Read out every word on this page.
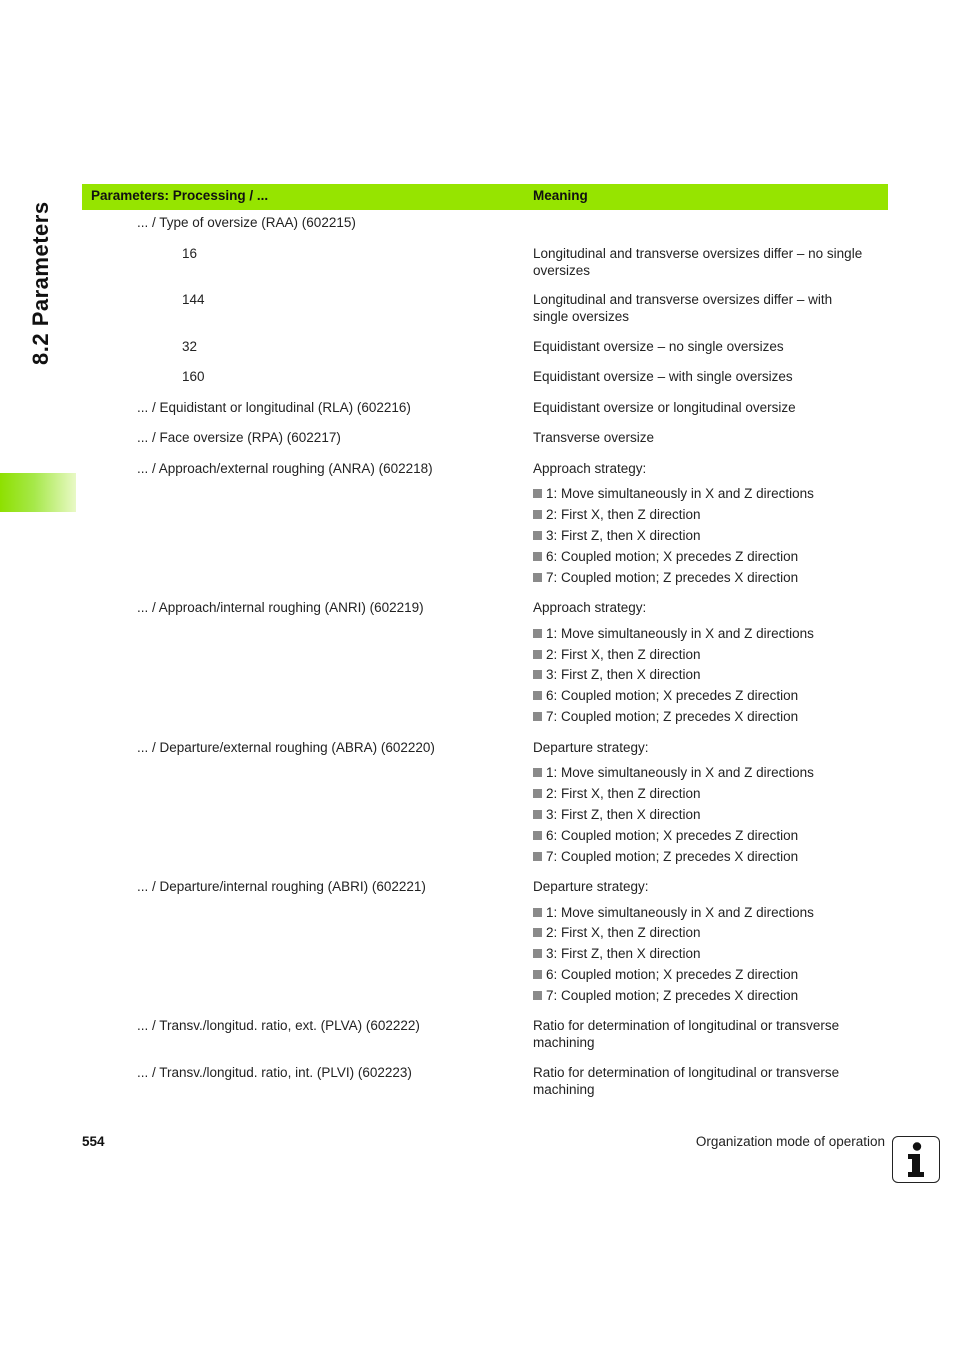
8.2 Parameters
Parameters: Processing / ...	Meaning
... / Type of oversize (RAA) (602215)
16	Longitudinal and transverse oversizes differ – no single
oversizes
144	Longitudinal and transverse oversizes differ – with
single oversizes
32	Equidistant oversize – no single oversizes
160	Equidistant oversize – with single oversizes
... / Equidistant or longitudinal (RLA) (602216)	Equidistant oversize or longitudinal oversize
... / Face oversize (RPA) (602217)	Transverse oversize
... / Approach/external roughing (ANRA) (602218)	Approach strategy:
1: Move simultaneously in X and Z directions
2: First X, then Z direction
3: First Z, then X direction
6: Coupled motion; X precedes Z direction
7: Coupled motion; Z precedes X direction
... / Approach/internal roughing (ANRI) (602219)	Approach strategy:
1: Move simultaneously in X and Z directions
2: First X, then Z direction
3: First Z, then X direction
6: Coupled motion; X precedes Z direction
7: Coupled motion; Z precedes X direction
... / Departure/external roughing (ABRA) (602220)	Departure strategy:
1: Move simultaneously in X and Z directions
2: First X, then Z direction
3: First Z, then X direction
6: Coupled motion; X precedes Z direction
7: Coupled motion; Z precedes X direction
... / Departure/internal roughing (ABRI) (602221)	Departure strategy:
1: Move simultaneously in X and Z directions
2: First X, then Z direction
3: First Z, then X direction
6: Coupled motion; X precedes Z direction
7: Coupled motion; Z precedes X direction
... / Transv./longitud. ratio, ext. (PLVA) (602222)	Ratio for determination of longitudinal or transverse
machining
... / Transv./longitud. ratio, int. (PLVI) (602223)	Ratio for determination of longitudinal or transverse
machining
554	Organization mode of operation
